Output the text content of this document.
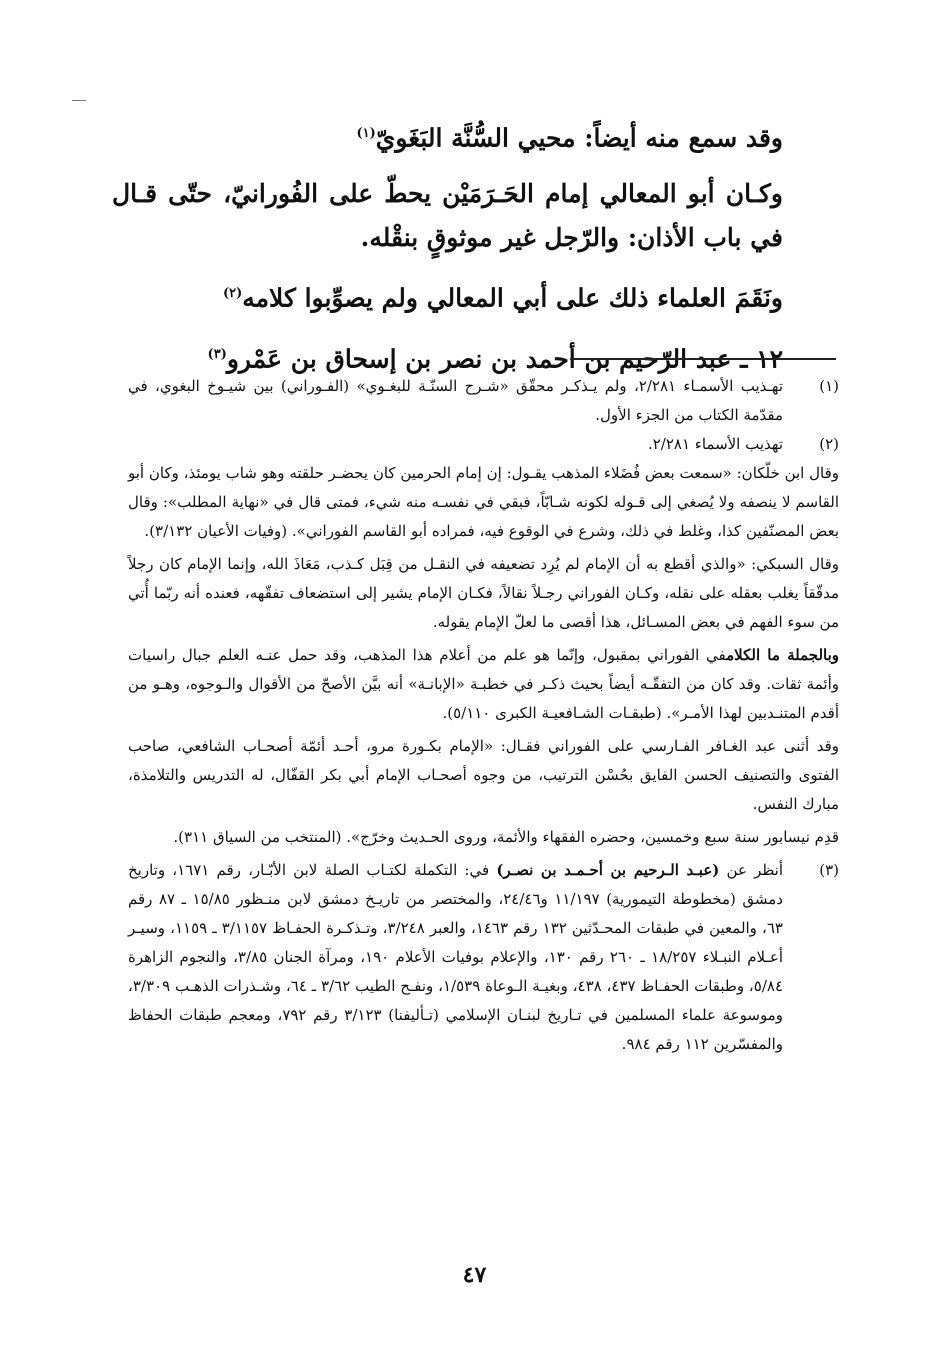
وقد سمع منه أيضاً: محيي السُّنَّة البَغَويّ$^{(١)}$

وكـان أبو المعالي إمام الحَـرَمَيْن يحطّ على الفُورانيّ، حتّى قـال في باب الأذان: والرّجل غير موثوقٍ بنقْله.

ونَقَمَ العلماء ذلك على أبي المعالي ولم يصوِّبوا كلامه$^{(٢)}$

١٢ ـ عبد الرّحيم بن أحمد بن نصر بن إسحاق بن عَمْرو$^{(٣)}$

(١)

تهـذيب الأسمـاء ٢/٢٨١، ولم يـذكـر محقّق «شـرح السنّـة للبغـوي» (الفـوراني) بين شيـوخ البغوي، في مقدّمة الكتاب من الجزء الأول.

(٢)

تهذيب الأسماء ٢/٢٨١.

وقال ابن خلّكان: «سمعت بعض فُضَلاء المذهب يقـول: إن إمام الحرمين كان يحضـر حلقته وهو شاب يومئذ، وكان أبو القاسم لا ينصفه ولا يُصغي إلى قـوله لكونه شـابّاً، فبقي في نفسـه منه شيء، فمتى قال في «نهاية المطلب»: وقال بعض المصنّفين كذا، وغلط في ذلك، وشرع في الوقوع فيه، فمراده أبو القاسم الفوراني». (وفيات الأعيان ٣/١٣٢).

وقال السبكي: «والذي أقطع به أن الإمام لم يُرِد تضعيفه في النقـل من قِبَل كـذب، مَعَاذَ الله، وإنما الإمام كان رجلاً مدقّقاً يغلب بعقله على نقله، وكـان الفوراني رجـلاً نقالاً، فكـان الإمام يشير إلى استضعاف تفقّهه، فعنده أنه ربّما أُتي من سوء الفهم في بعض المسـائل، هذا أقصى ما لعلّ الإمام يقوله.

وبالجملة ما الكلامفي الفوراني بمقبول، وإنّما هو علم من أعلام هذا المذهب، وقد حمل عنـه العلم جبال راسيات وأئمة ثقات. وقد كان من التفقّـه أيضاً بحيث ذكـر في خطبـة «الإبانـة» أنه بيَّن الأصحّ من الأقوال والـوجوه، وهـو من أقدم المتنـدبين لهذا الأمـر». (طبقـات الشـافعيـة الكبرى ٥/١١٠).

وقد أثنى عبد الغـافر الفـارسي على الفوراني فقـال: «الإمام بكـورة مرو، أحـد أئمّة أصحـاب الشافعي، صاحب الفتوى والتصنيف الحسن الفايق بحُسْن الترتيب، من وجوه أصحـاب الإمام أبي بكر القفّال، له التدريس والتلامذة، مبارك النفس.

قدِم نيسابور سنة سبع وخمسين، وحضره الفقهاء والأئمة، وروى الحـديث وخرّج». (المنتخب من السياق ٣١١).

(٣)

أنظر عن (عبـد الـرحيم بن أحـمـد بن نصـر) في: التكملة لكتـاب الصلة لابن الأبّـار، رقم ١٦٧١، وتاريخ دمشق (مخطوطة التيمورية) ١١/١٩٧ و٢٤/٤٦، والمختصر من تاريـخ دمشق لابن منـظور ١٥/٨٥ ـ ٨٧ رقم ٦٣، والمعين في طبقات المحـدّثين ١٣٢ رقم ١٤٦٣، والعبر ٣/٢٤٨، وتـذكـرة الحفـاظ ٣/١١٥٧ ـ ١١٥٩، وسيـر أعـلام النبـلاء ١٨/٢٥٧ ـ ٢٦٠ رقم ١٣٠، والإعلام بوفيات الأعلام ١٩٠، ومرآة الجنان ٣/٨٥، والنجوم الزاهرة ٥/٨٤، وطبقات الحفـاظ ٤٣٧، ٤٣٨، وبغيـة الـوعاة ١/٥٣٩، ونفـح الطيب ٣/٦٢ ـ ٦٤، وشـذرات الذهـب ٣/٣٠٩، وموسوعة علماء المسلمين في تـاريخ لبنـان الإسلامي (تـأليفنا) ٣/١٢٣ رقم ٧٩٢، ومعجم طبقات الحفاظ والمفسّرين ١١٢ رقم ٩٨٤.

٤٧
